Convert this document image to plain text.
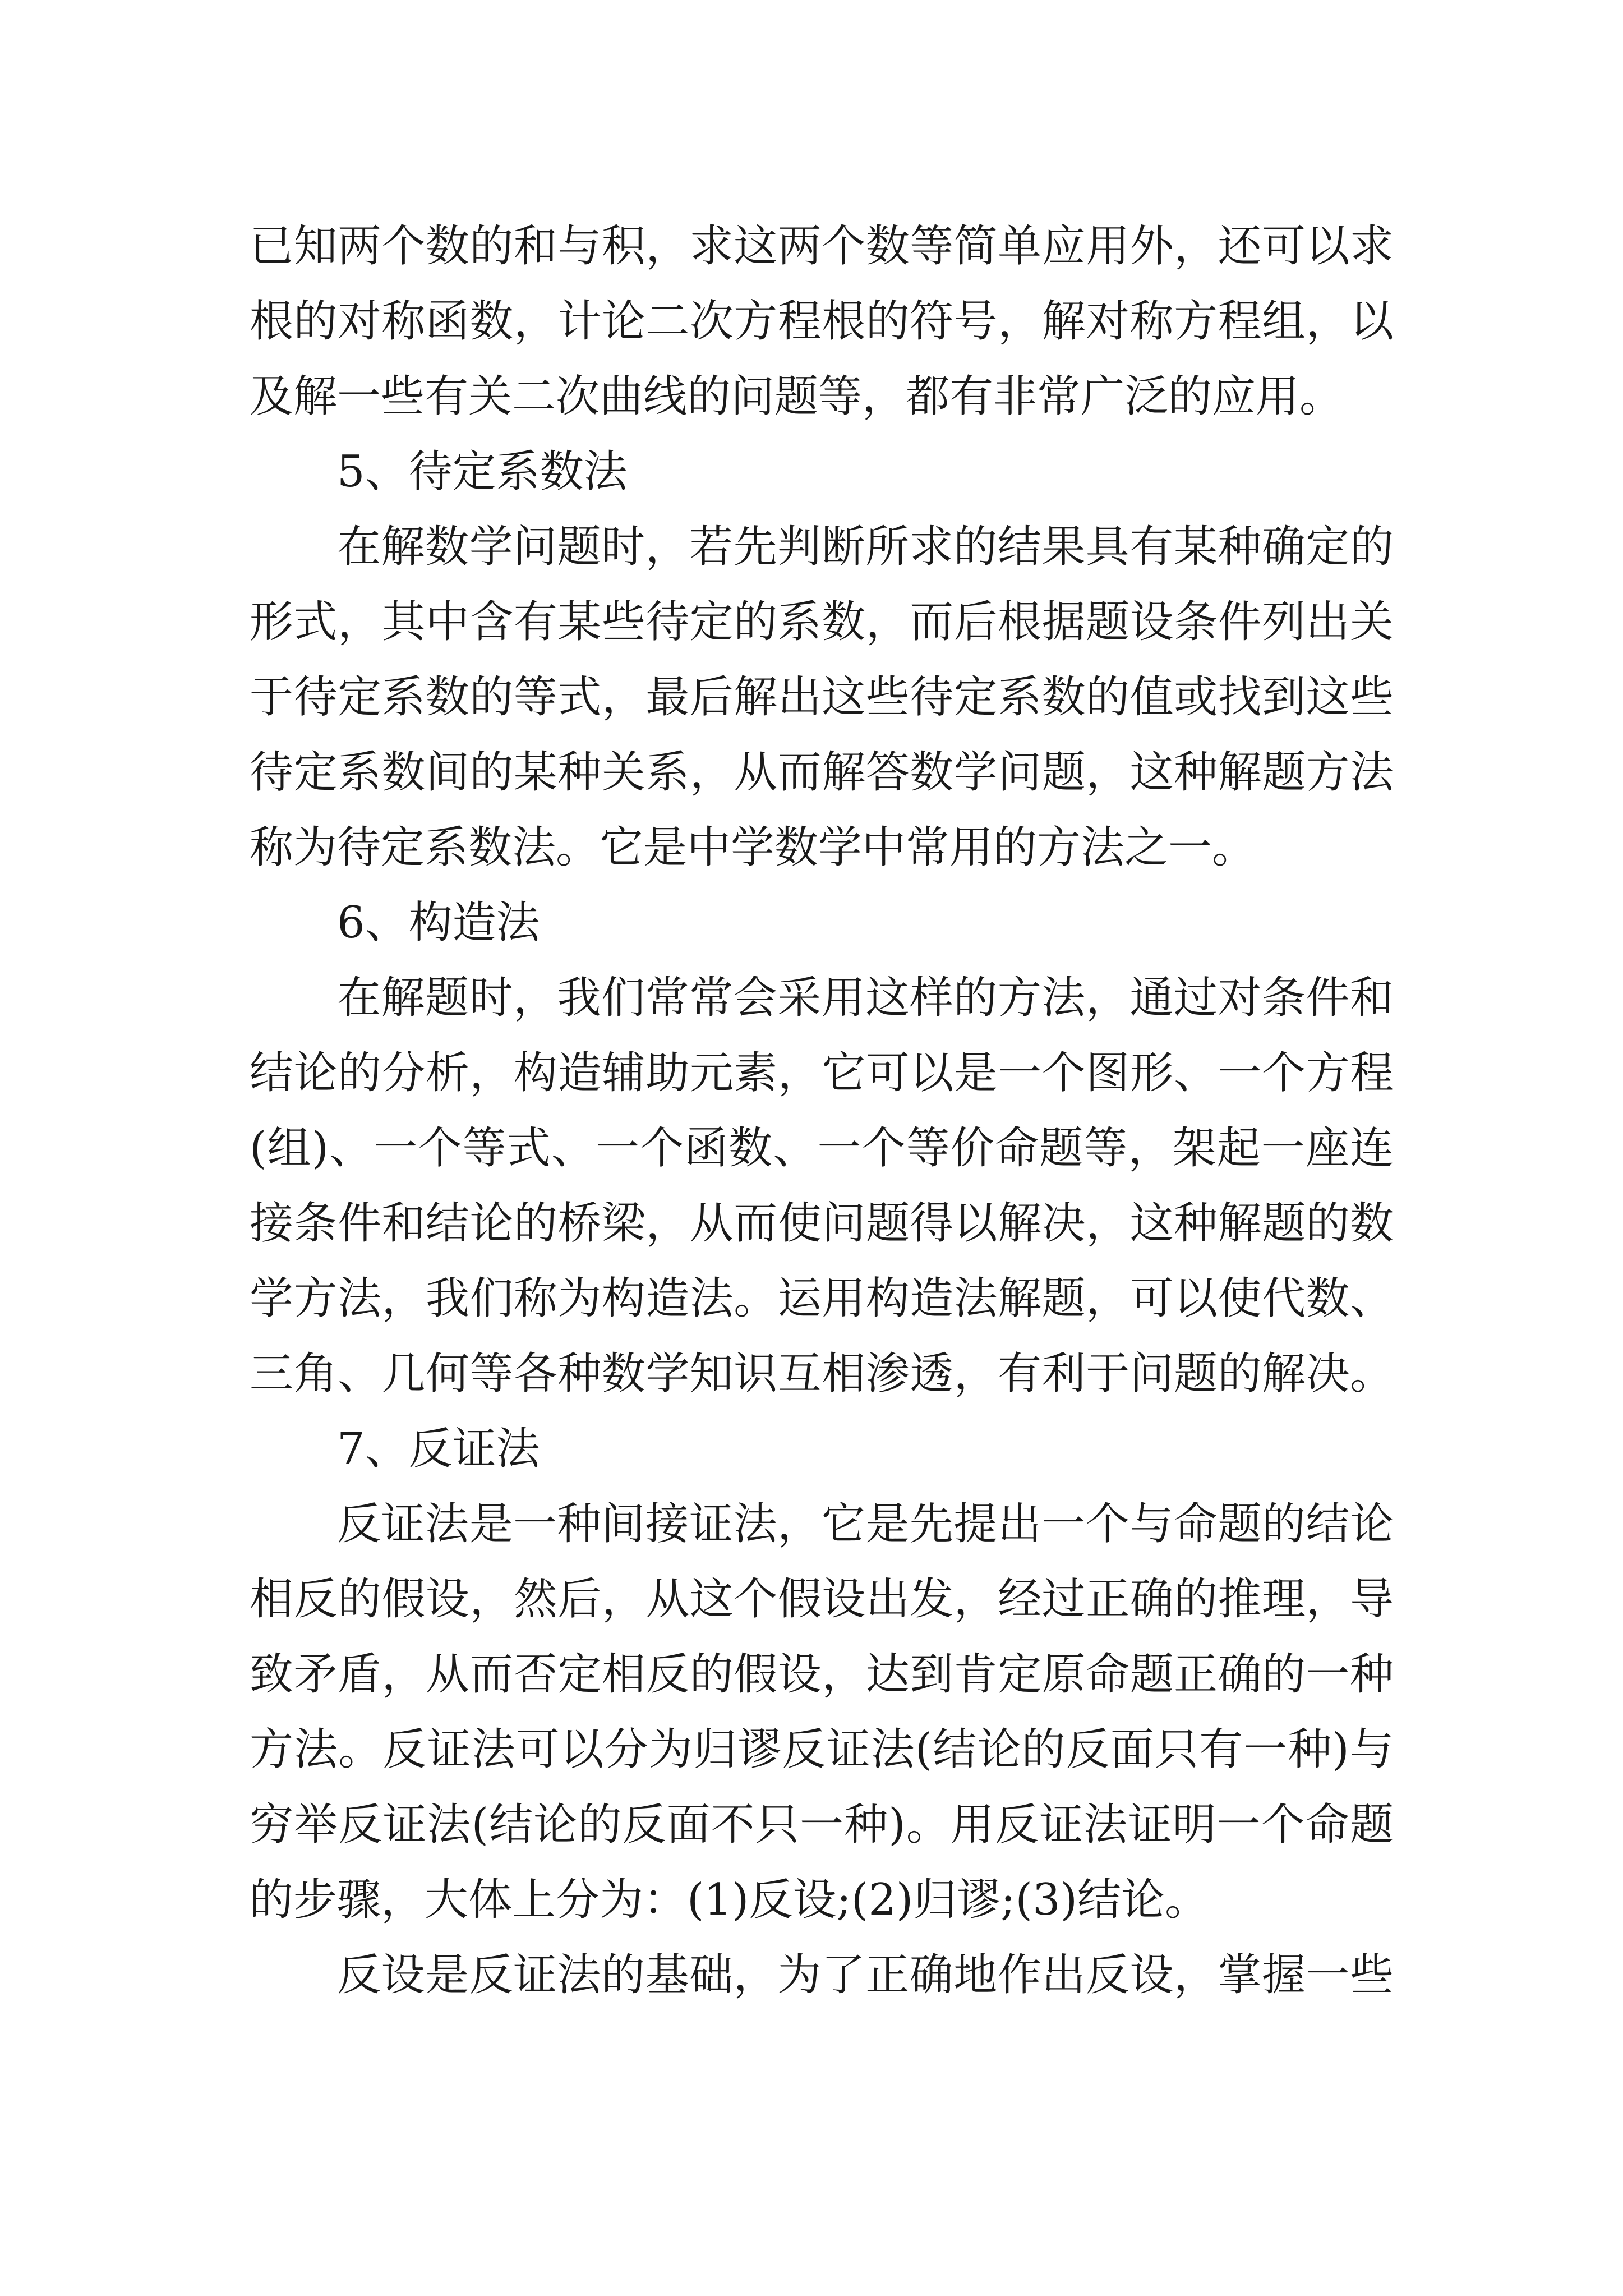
已知两个数的和与积，求这两个数等简单应用外，还可以求
根的对称函数，计论二次方程根的符号，解对称方程组，以
及解一些有关二次曲线的问题等，都有非常广泛的应用。
5、待定系数法
在解数学问题时，若先判断所求的结果具有某种确定的
形式，其中含有某些待定的系数，而后根据题设条件列出关
于待定系数的等式，最后解出这些待定系数的值或找到这些
待定系数间的某种关系，从而解答数学问题，这种解题方法
称为待定系数法。它是中学数学中常用的方法之一。
6、构造法
在解题时，我们常常会采用这样的方法，通过对条件和
结论的分析，构造辅助元素，它可以是一个图形、一个方程
(组)、一个等式、一个函数、一个等价命题等，架起一座连
接条件和结论的桥梁，从而使问题得以解决，这种解题的数
学方法，我们称为构造法。运用构造法解题，可以使代数、
三角、几何等各种数学知识互相渗透，有利于问题的解决。
7、反证法
反证法是一种间接证法，它是先提出一个与命题的结论
相反的假设，然后，从这个假设出发，经过正确的推理，导
致矛盾，从而否定相反的假设，达到肯定原命题正确的一种
方法。反证法可以分为归谬反证法(结论的反面只有一种)与
穷举反证法(结论的反面不只一种)。用反证法证明一个命题
的步骤，大体上分为：(1)反设;(2)归谬;(3)结论。
反设是反证法的基础，为了正确地作出反设，掌握一些
